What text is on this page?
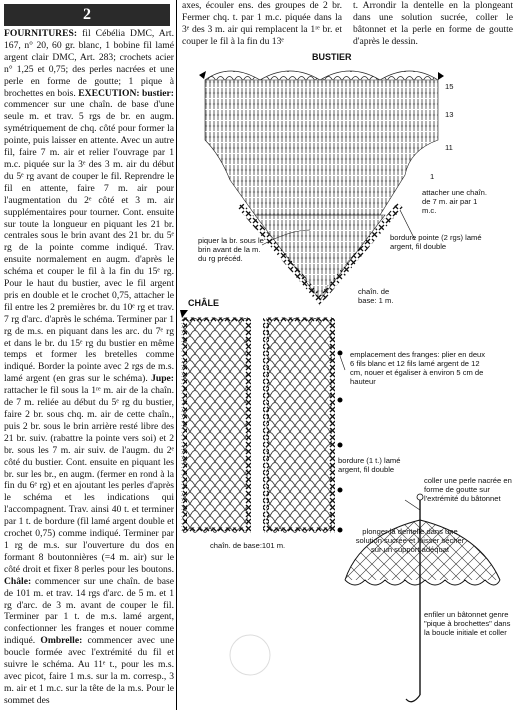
2

FOURNITURES: fil Cébélia DMC, Art. 167, n° 20, 60 gr. blanc, 1 bobine fil lamé argent clair DMC, Art. 283; crochets acier n° 1,25 et 0,75; des perles nacrées et une perle en forme de goutte; 1 pique à brochettes en bois. EXECUTION: bustier: commencer sur une chaîn. de base d'une seule m. et trav. 5 rgs de br. en augm. symétriquement de chq. côté pour former la pointe, puis laisser en attente. Avec un autre fil, faire 7 m. air et relier l'ouvrage par 1 m.c. piquée sur la 3ᵉ des 3 m. air du début du 5ᵉ rg avant de couper le fil. Reprendre le fil en attente, faire 7 m. air pour l'augmentation du 2ᵉ côté et 3 m. air supplémentaires pour tourner. Cont. ensuite sur toute la longueur en piquant les 21 br. centrales sous le brin avant des 21 br. du 5ᵉ rg de la pointe comme indiqué. Trav. ensuite normalement en augm. d'après le schéma et couper le fil à la fin du 15ᵉ rg. Pour le haut du bustier, avec le fil argent pris en double et le crochet 0,75, attacher le fil entre les 2 premières br. du 10ᵉ rg et trav. 7 rg d'arc. d'après le schéma. Terminer par 1 rg de m.s. en piquant dans les arc. du 7ᵉ rg et dans le br. du 15ᵉ rg du bustier en même temps et former les bretelles comme indiqué. Border la pointe avec 2 rgs de m.s. lamé argent (en gras sur le schéma). Jupe: rattacher le fil sous la 1ʳᵉ m. air de la chaîn. de 7 m. reliée au début du 5ᵉ rg du bustier, faire 2 br. sous chq. m. air de cette chaîn., puis 2 br. sous le brin arrière resté libre des 21 br. suiv. (rabattre la pointe vers soi) et 2 br. sous les 7 m. air suiv. de l'augm. du 2ᵉ côté du bustier. Cont. ensuite en piquant les br. sur les br., en augm. (fermer en rond à la fin du 6ᵉ rg) et en ajoutant les perles d'après le schéma et les indications qui l'accompagnent. Trav. ainsi 40 t. et terminer par 1 t. de bordure (fil lamé argent double et crochet 0,75) comme indiqué. Terminer par 1 rg de m.s. sur l'ouverture du dos en formant 8 boutonnières (=4 m. air) sur le côté droit et fixer 8 perles pour les boutons. Châle: commencer sur une chaîn. de base de 101 m. et trav. 14 rgs d'arc. de 5 m. et 1 rg d'arc. de 3 m. avant de couper le fil. Terminer par 1 t. de m.s. lamé argent, confectionner les franges et nouer comme indiqué. Ombrelle: commencer avec une boucle formée avec l'extrémité du fil et suivre le schéma. Au 11ᵉ t., pour les m.s. avec picot, faire 1 m.s. sur la m. corresp., 3 m. air et 1 m.c. sur la tête de la m.s. Pour le sommet des

axes, écouler ens. des groupes de 2 br. Fermer chq. t. par 1 m.c. piquée dans la 3ᵉ des 3 m. air qui remplacent la 1ʳᵉ br. et couper le fil à la fin du 13ᵉ
t. Arrondir la dentelle en la plongeant dans une solution sucrée, coller le bâtonnet et la perle en forme de goutte d'après le dessin.
BUSTIER
15
13
11
1
attacher une chaîn. de 7 m. air par 1 m.c.
bordure pointe (2 rgs) lamé argent, fil double
piquer la br. sous le brin avant de la m. du rg précéd.
chaîn. de base: 1 m.
CHÂLE
emplacement des franges: plier en deux 6 fils blanc et 12 fils lamé argent de 12 cm, nouer et égaliser à environ 5 cm de hauteur
bordure (1 t.) lamé argent, fil double
chaîn. de base:101 m.
coller une perle nacrée en forme de goutte sur l'extrémité du bâtonnet
plonger la dentelle dans une solution sucrée et laisser sécher sur un support adéquat
enfiler un bâtonnet genre "pique à brochettes" dans la boucle initiale et coller
